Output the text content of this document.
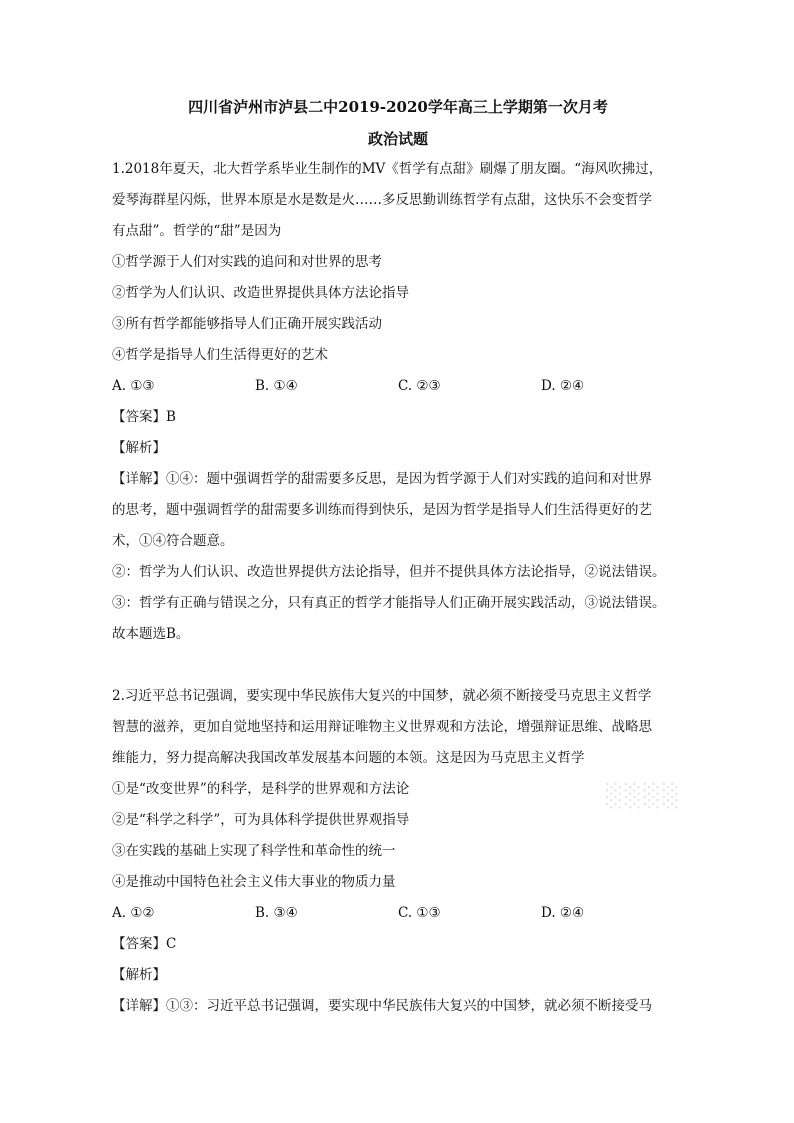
四川省泸州市泸县二中2019-2020学年高三上学期第一次月考

政治试题

1.2018年夏天，北大哲学系毕业生制作的MV《哲学有点甜》刷爆了朋友圈。“海风吹拂过，

爱琴海群星闪烁，世界本原是水是数是火……多反思勤训练哲学有点甜，这快乐不会变哲学

有点甜”。哲学的“甜”是因为

①哲学源于人们对实践的追问和对世界的思考

②哲学为人们认识、改造世界提供具体方法论指导

③所有哲学都能够指导人们正确开展实践活动

④哲学是指导人们生活得更好的艺术

A. ①③	B. ①④	C. ②③	D. ②④

【答案】B

【解析】

【详解】①④：题中强调哲学的甜需要多反思，是因为哲学源于人们对实践的追问和对世界

的思考，题中强调哲学的甜需要多训练而得到快乐，是因为哲学是指导人们生活得更好的艺

术，①④符合题意。

②：哲学为人们认识、改造世界提供方法论指导，但并不提供具体方法论指导，②说法错误。

③：哲学有正确与错误之分，只有真正的哲学才能指导人们正确开展实践活动，③说法错误。

故本题选B。

2.习近平总书记强调，要实现中华民族伟大复兴的中国梦，就必须不断接受马克思主义哲学

智慧的滋养，更加自觉地坚持和运用辩证唯物主义世界观和方法论，增强辩证思维、战略思

维能力，努力提高解决我国改革发展基本问题的本领。这是因为马克思主义哲学

①是“改变世界”的科学，是科学的世界观和方法论

②是“科学之科学”，可为具体科学提供世界观指导

③在实践的基础上实现了科学性和革命性的统一

④是推动中国特色社会主义伟大事业的物质力量

A. ①②	B. ③④	C. ①③	D. ②④

【答案】C

【解析】

【详解】①③：习近平总书记强调，要实现中华民族伟大复兴的中国梦，就必须不断接受马

░░░░
